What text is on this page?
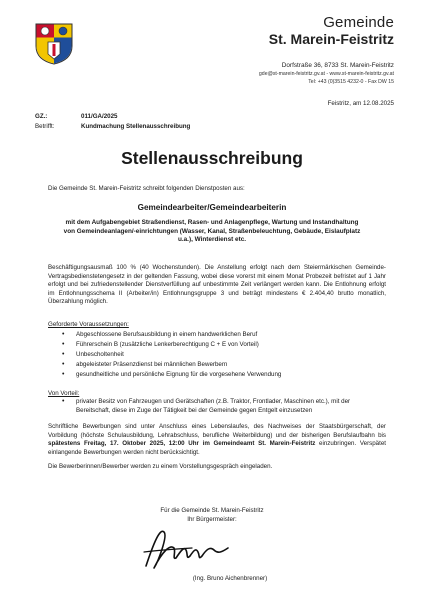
Gemeinde
St. Marein-Feistritz
Dorfstraße 36, 8733 St. Marein-Feistritz
gde@st-marein-feistritz.gv.at - www.st-marein-feistritz.gv.at
Tel: +43 (0)3515 4232-0 - Fax DW 15
Feistritz, am 12.08.2025
GZ.:	011/GA/2025
Betrifft:	Kundmachung Stellenausschreibung
Stellenausschreibung
Die Gemeinde St. Marein-Feistritz schreibt folgenden Dienstposten aus:
Gemeindearbeiter/Gemeindearbeiterin
mit dem Aufgabengebiet Straßendienst, Rasen- und Anlagenpflege, Wartung und Instandhaltung von Gemeindeanlagen/-einrichtungen (Wasser, Kanal, Straßenbeleuchtung, Gebäude, Eislaufplatz u.a.), Winterdienst etc.
Beschäftigungsausmaß 100 % (40 Wochenstunden). Die Anstellung erfolgt nach dem Steiermärkischen Gemeinde-Vertragsbedienstetengesetz in der geltenden Fassung, wobei diese vorerst mit einem Monat Probezeit befristet auf 1 Jahr erfolgt und bei zufriedenstellender Dienstverfüllung auf unbestimmte Zeit verlängert werden kann. Die Entlohnung erfolgt im Entlohnungsschema II (Arbeiter/in) Entlohnungsgruppe 3 und beträgt mindestens € 2.404,40 brutto monatlich, Überzahlung möglich.
Geforderte Voraussetzungen:
• Abgeschlossene Berufsausbildung in einem handwerklichen Beruf
• Führerschein B (zusätzliche Lenkerberechtigung C + E von Vorteil)
• Unbescholtenheit
• abgeleisteter Präsenzdienst bei männlichen Bewerbern
• gesundheitliche und persönliche Eignung für die vorgesehene Verwendung
Von Vorteil:
• privater Besitz von Fahrzeugen und Gerätschaften (z.B. Traktor, Frontlader, Maschinen etc.), mit der Bereitschaft, diese im Zuge der Tätigkeit bei der Gemeinde gegen Entgelt einzusetzen
Schriftliche Bewerbungen sind unter Anschluss eines Lebenslaufes, des Nachweises der Staatsbürgerschaft, der Vorbildung (höchste Schulausbildung, Lehrabschluss, berufliche Weiterbildung) und der bisherigen Berufslaufbahn bis spätestens Freitag, 17. Oktober 2025, 12:00 Uhr im Gemeindeamt St. Marein-Feistritz einzubringen. Verspätet einlangende Bewerbungen werden nicht berücksichtigt.
Die Bewerberinnen/Bewerber werden zu einem Vorstellungsgespräch eingeladen.
Für die Gemeinde St. Marein-Feistritz
Ihr Bürgermeister:
(Ing. Bruno Aichenbrenner)
